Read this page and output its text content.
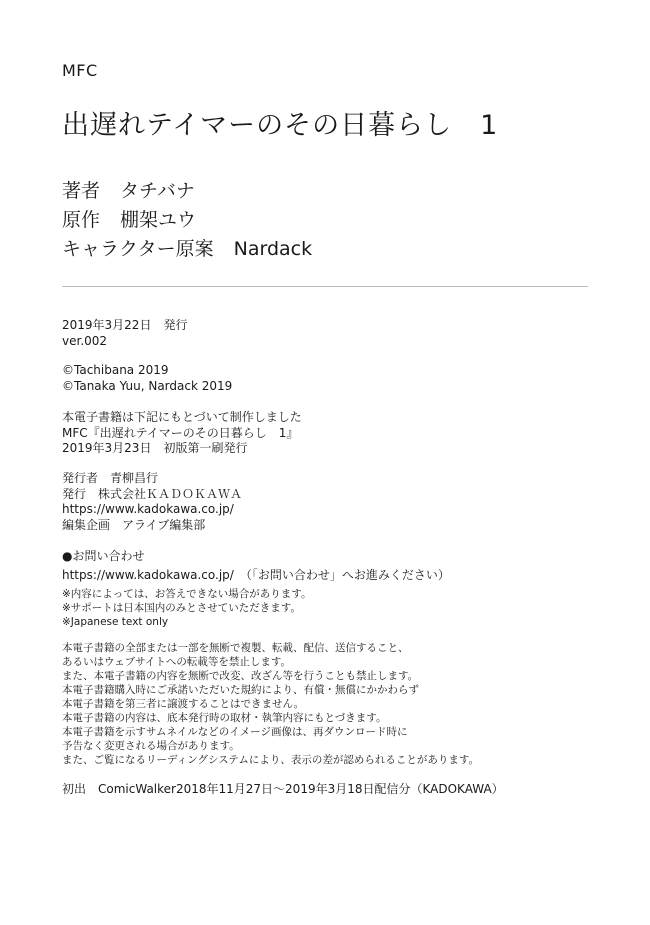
MFC
出遅れテイマーのその日暮らし　1
著者 タチバナ
原作 棚架ユウ
キャラクター原案 Nardack
2019年3月22日　発行
ver.002
©Tachibana 2019
©Tanaka Yuu, Nardack 2019
本電子書籍は下記にもとづいて制作しました
MFC『出遅れテイマーのその日暮らし　1』
2019年3月23日　初版第一刷発行
発行者 青柳昌行
発行 株式会社ＫＡＤＯＫＡＷＡ
https://www.kadokawa.co.jp/
編集企画　アライブ編集部
●お問い合わせ
https://www.kadokawa.co.jp/　（「お問い合わせ」へお進みください）
※内容によっては、お答えできない場合があります。
※サポートは日本国内のみとさせていただきます。
※Japanese text only
本電子書籍の全部または一部を無断で複製、転載、配信、送信すること、
あるいはウェブサイトへの転載等を禁止します。
また、本電子書籍の内容を無断で改変、改ざん等を行うことも禁止します。
本電子書籍購入時にご承諾いただいた規約により、有償・無償にかかわらず
本電子書籍を第三者に譲渡することはできません。
本電子書籍の内容は、底本発行時の取材・執筆内容にもとづきます。
本電子書籍を示すサムネイルなどのイメージ画像は、再ダウンロード時に
予告なく変更される場合があります。
また、ご覧になるリーディングシステムにより、表示の差が認められることがあります。
初出　ComicWalker2018年11月27日〜2019年3月18日配信分（KADOKAWA）
